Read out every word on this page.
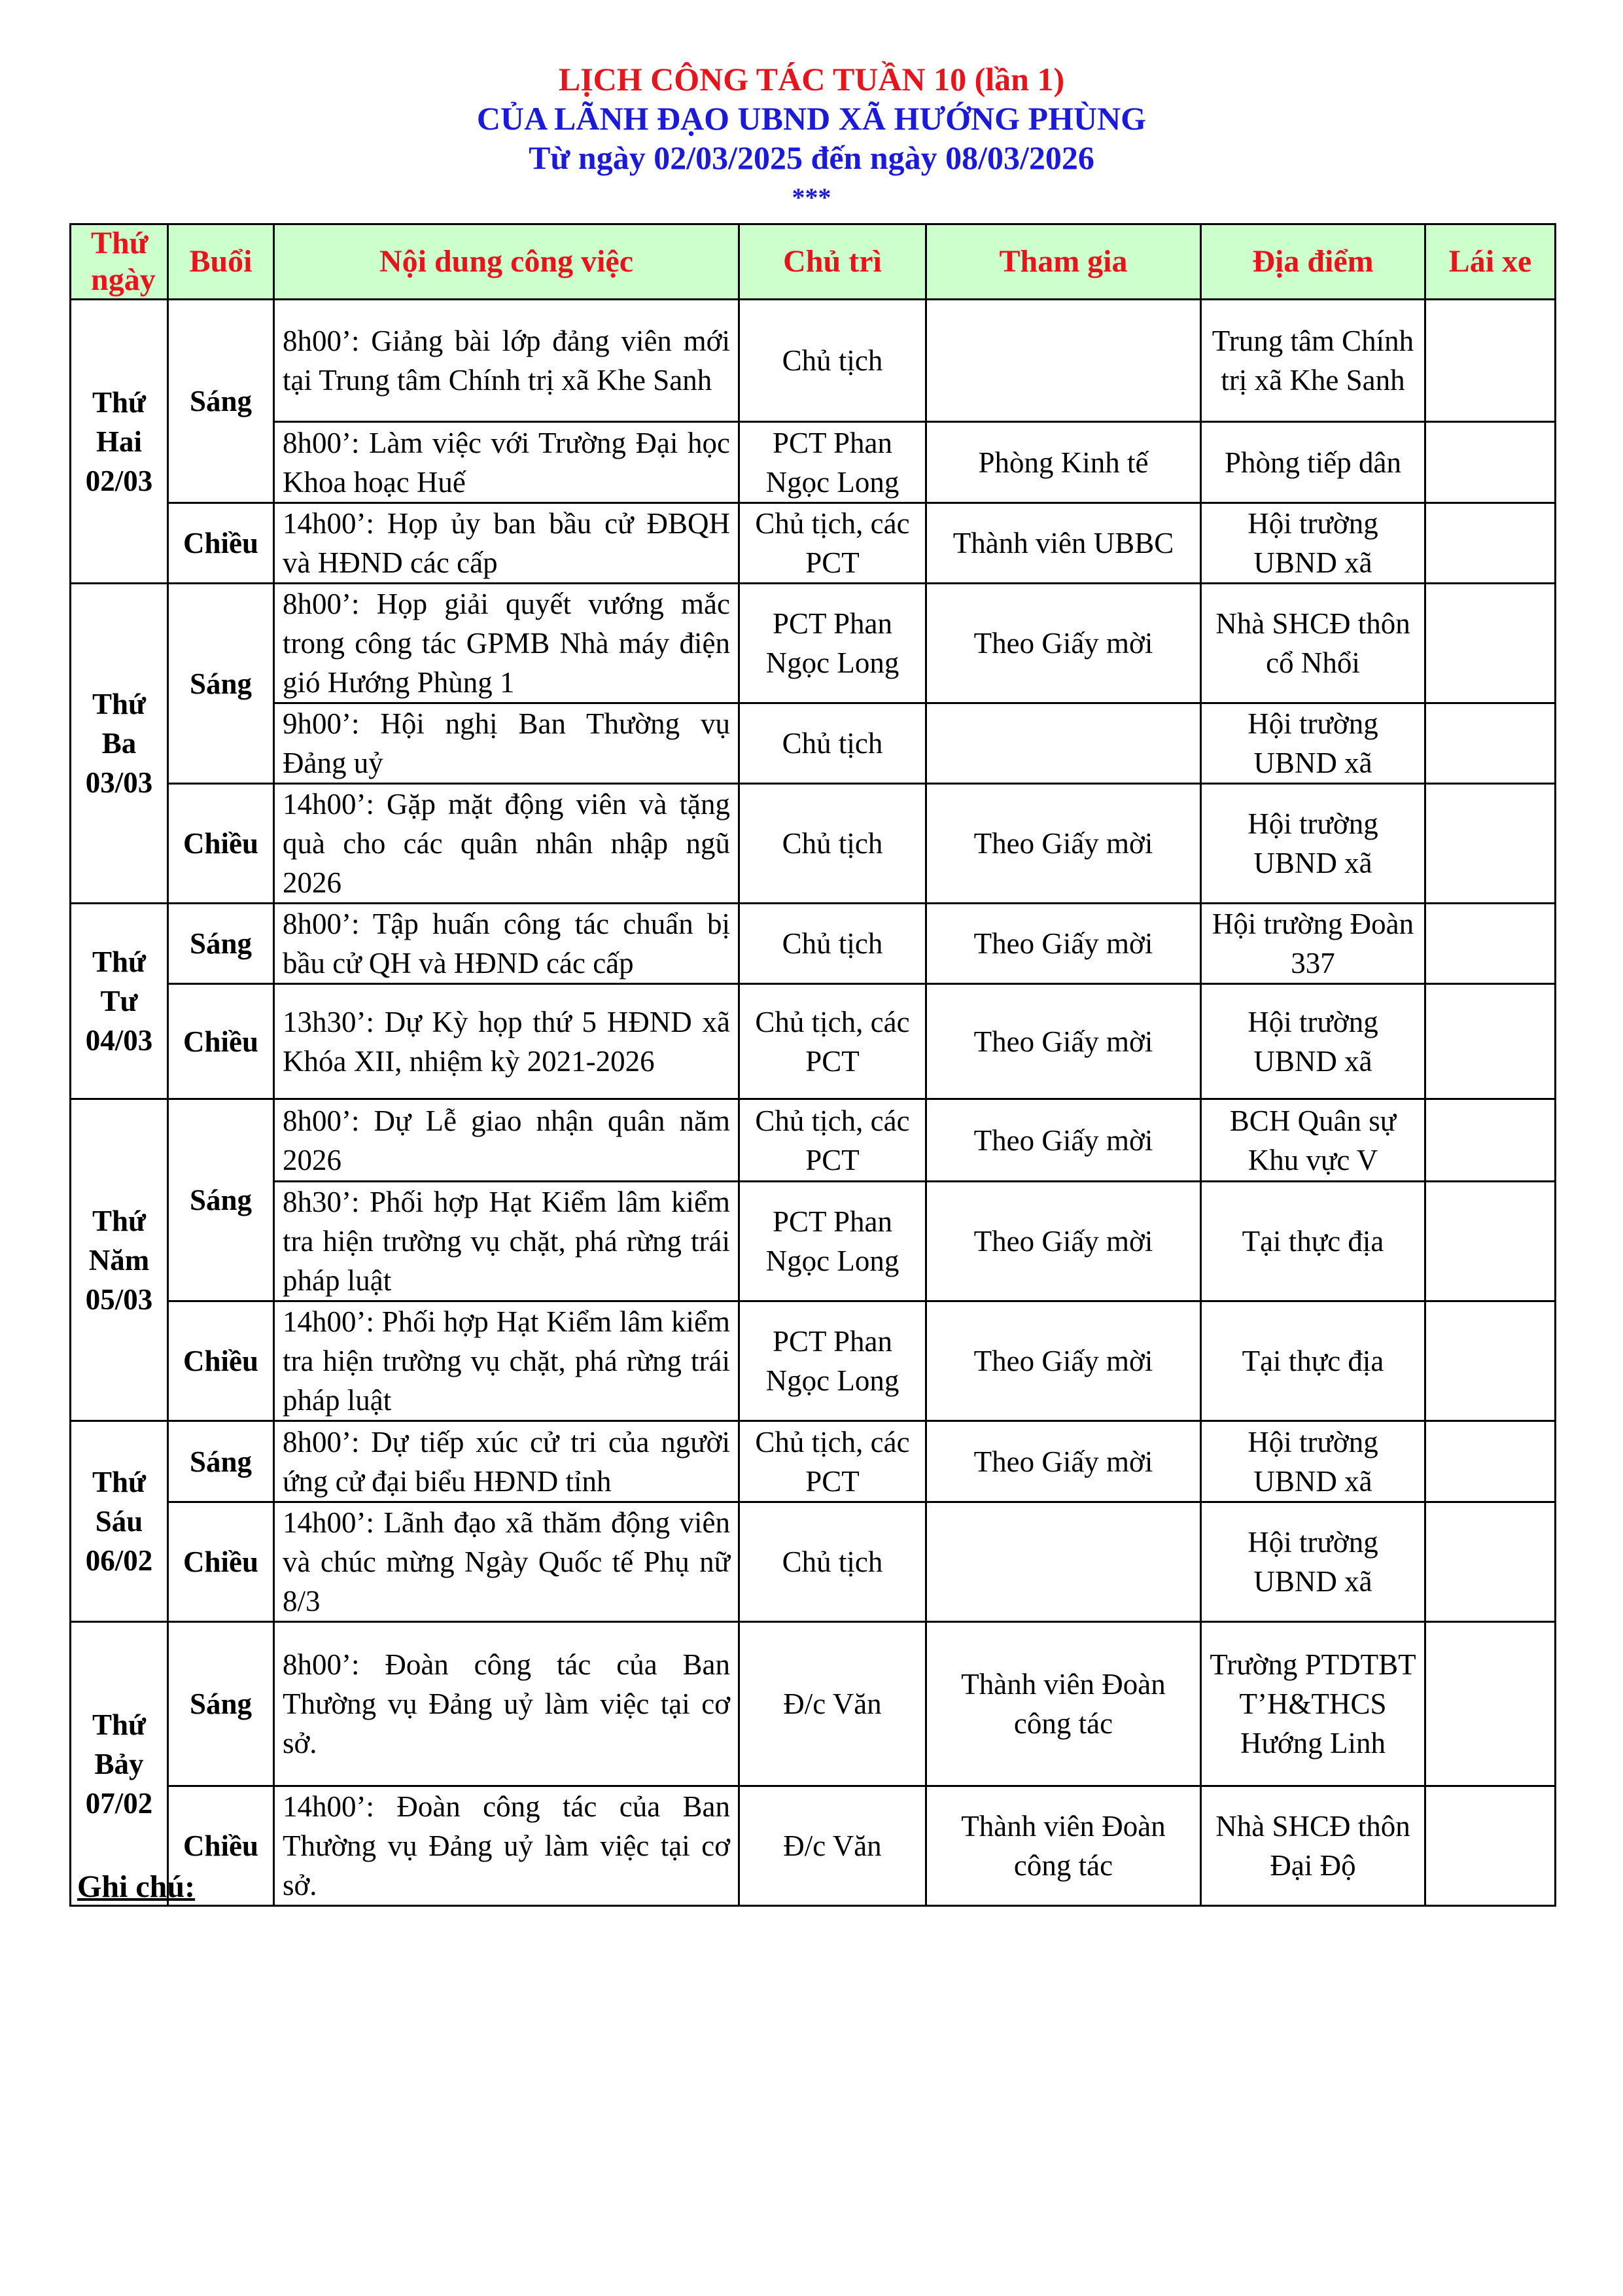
LỊCH CÔNG TÁC TUẦN 10 (lần 1)
CỦA LÃNH ĐẠO UBND XÃ HƯỚNG PHÙNG
Từ ngày 02/03/2025 đến ngày 08/03/2026
***
Thứ ngày	Buổi	Nội dung công việc	Chủ trì	Tham gia	Địa điểm	Lái xe

Thứ
Hai
02/03	Sáng	8h00’: Giảng bài lớp đảng viên mới tại Trung tâm Chính trị xã Khe Sanh	Chủ tịch		Trung tâm Chính trị xã Khe Sanh	
		8h00’: Làm việc với Trường Đại học Khoa hoạc Huế	PCT Phan Ngọc Long	Phòng Kinh tế	Phòng tiếp dân	
	Chiều	14h00’: Họp ủy ban bầu cử ĐBQH và HĐND các cấp	Chủ tịch, các PCT	Thành viên UBBC	Hội trường UBND xã	

Thứ
Ba
03/03	Sáng	8h00’: Họp giải quyết vướng mắc trong công tác GPMB Nhà máy điện gió Hướng Phùng 1	PCT Phan Ngọc Long	Theo Giấy mời	Nhà SHCĐ thôn cổ Nhổi	
		9h00’: Hội nghị Ban Thường vụ Đảng uỷ	Chủ tịch		Hội trường UBND xã	
	Chiều	14h00’: Gặp mặt động viên và tặng quà cho các quân nhân nhập ngũ 2026	Chủ tịch	Theo Giấy mời	Hội trường UBND xã	

Thứ
Tư
04/03	Sáng	8h00’: Tập huấn công tác chuẩn bị bầu cử QH và HĐND các cấp	Chủ tịch	Theo Giấy mời	Hội trường Đoàn 337	
	Chiều	13h30’: Dự Kỳ họp thứ 5 HĐND xã Khóa XII, nhiệm kỳ 2021-2026	Chủ tịch, các PCT	Theo Giấy mời	Hội trường UBND xã	

Thứ
Năm
05/03	Sáng	8h00’: Dự Lễ giao nhận quân năm 2026	Chủ tịch, các PCT	Theo Giấy mời	BCH Quân sự Khu vực V	
		8h30’: Phối hợp Hạt Kiểm lâm kiểm tra hiện trường vụ chặt, phá rừng trái pháp luật	PCT Phan Ngọc Long	Theo Giấy mời	Tại thực địa	
	Chiều	14h00’: Phối hợp Hạt Kiểm lâm kiểm tra hiện trường vụ chặt, phá rừng trái pháp luật	PCT Phan Ngọc Long	Theo Giấy mời	Tại thực địa	

Thứ
Sáu
06/02	Sáng	8h00’: Dự tiếp xúc cử tri của người ứng cử đại biểu HĐND tỉnh	Chủ tịch, các PCT	Theo Giấy mời	Hội trường UBND xã	
	Chiều	14h00’: Lãnh đạo xã thăm động viên và chúc mừng Ngày Quốc tế Phụ nữ 8/3	Chủ tịch		Hội trường UBND xã	

Thứ
Bảy
07/02	Sáng	8h00’: Đoàn công tác của Ban Thường vụ Đảng uỷ làm việc tại cơ sở.	Đ/c Văn	Thành viên Đoàn công tác	Trường PTDTBT T’H&THCS Hướng Linh	
	Chiều	14h00’: Đoàn công tác của Ban Thường vụ Đảng uỷ làm việc tại cơ sở.	Đ/c Văn	Thành viên Đoàn công tác	Nhà SHCĐ thôn Đại Độ	
Ghi chú:
